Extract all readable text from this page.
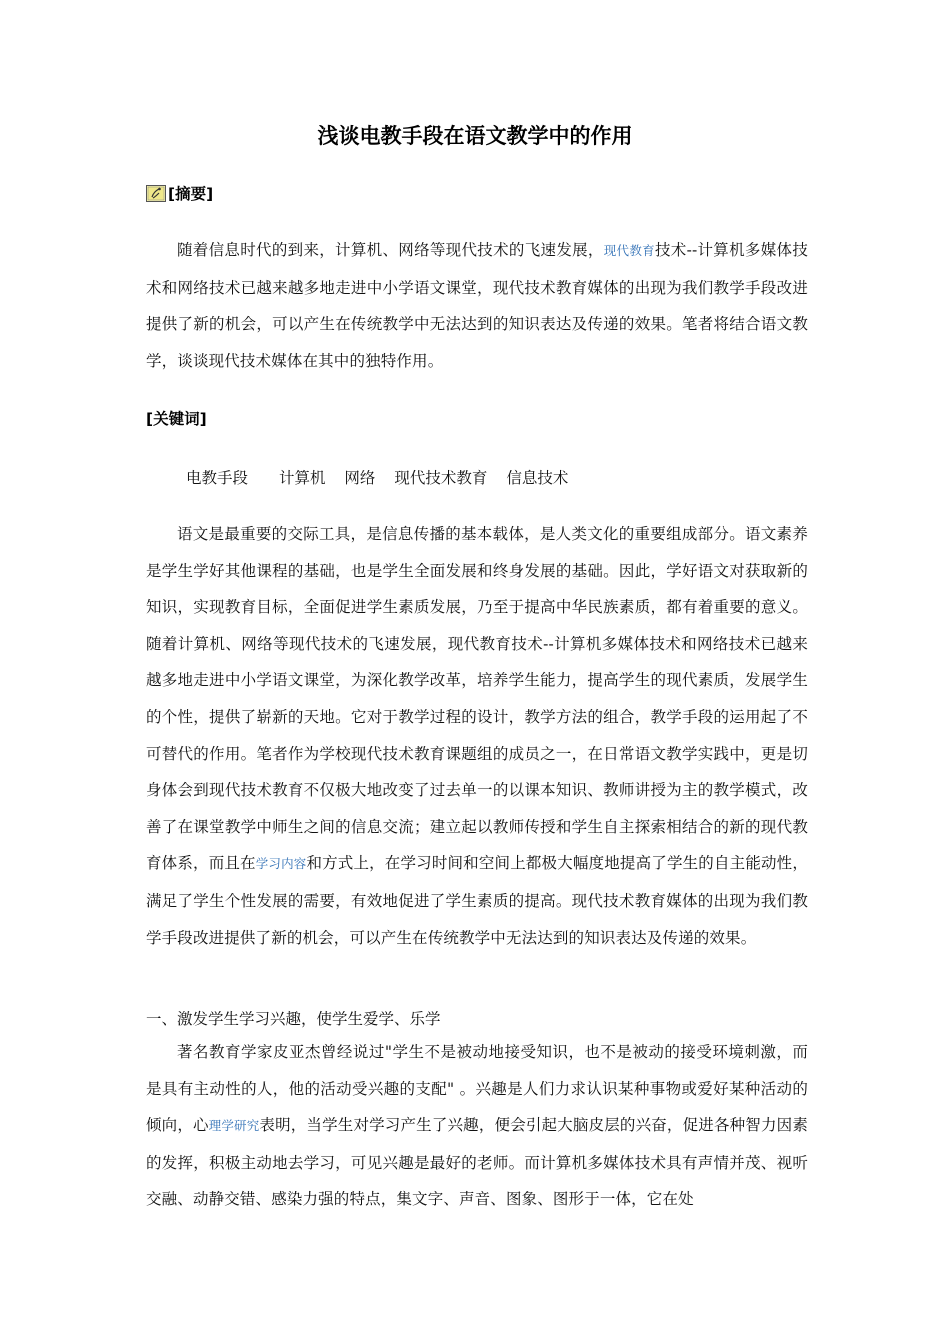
浅谈电教手段在语文教学中的作用
[摘要]

随着信息时代的到来，计算机、网络等现代技术的飞速发展，现代教育技术--计算机多媒体技术和网络技术已越来越多地走进中小学语文课堂，现代技术教育媒体的出现为我们教学手段改进提供了新的机会，可以产生在传统教学中无法达到的知识表达及传递的效果。笔者将结合语文教学，谈谈现代技术媒体在其中的独特作用。

[关键词]
电教手段 计算机 网络 现代技术教育 信息技术

语文是最重要的交际工具，是信息传播的基本载体，是人类文化的重要组成部分。语文素养是学生学好其他课程的基础，也是学生全面发展和终身发展的基础。因此，学好语文对获取新的知识，实现教育目标，全面促进学生素质发展，乃至于提高中华民族素质，都有着重要的意义。随着计算机、网络等现代技术的飞速发展，现代教育技术--计算机多媒体技术和网络技术已越来越多地走进中小学语文课堂，为深化教学改革，培养学生能力，提高学生的现代素质，发展学生的个性，提供了崭新的天地。它对于教学过程的设计，教学方法的组合，教学手段的运用起了不可替代的作用。笔者作为学校现代技术教育课题组的成员之一，在日常语文教学实践中，更是切身体会到现代技术教育不仅极大地改变了过去单一的以课本知识、教师讲授为主的教学模式，改善了在课堂教学中师生之间的信息交流；建立起以教师传授和学生自主探索相结合的新的现代教育体系，而且在学习内容和方式上，在学习时间和空间上都极大幅度地提高了学生的自主能动性，满足了学生个性发展的需要，有效地促进了学生素质的提高。现代技术教育媒体的出现为我们教学手段改进提供了新的机会，可以产生在传统教学中无法达到的知识表达及传递的效果。

一、激发学生学习兴趣，使学生爱学、乐学

著名教育学家皮亚杰曾经说过"学生不是被动地接受知识，也不是被动的接受环境刺激，而是具有主动性的人，他的活动受兴趣的支配" 。兴趣是人们力求认识某种事物或爱好某种活动的倾向，心理学研究表明，当学生对学习产生了兴趣，便会引起大脑皮层的兴奋，促进各种智力因素的发挥，积极主动地去学习，可见兴趣是最好的老师。而计算机多媒体技术具有声情并茂、视听交融、动静交错、感染力强的特点，集文字、声音、图象、图形于一体，它在处
